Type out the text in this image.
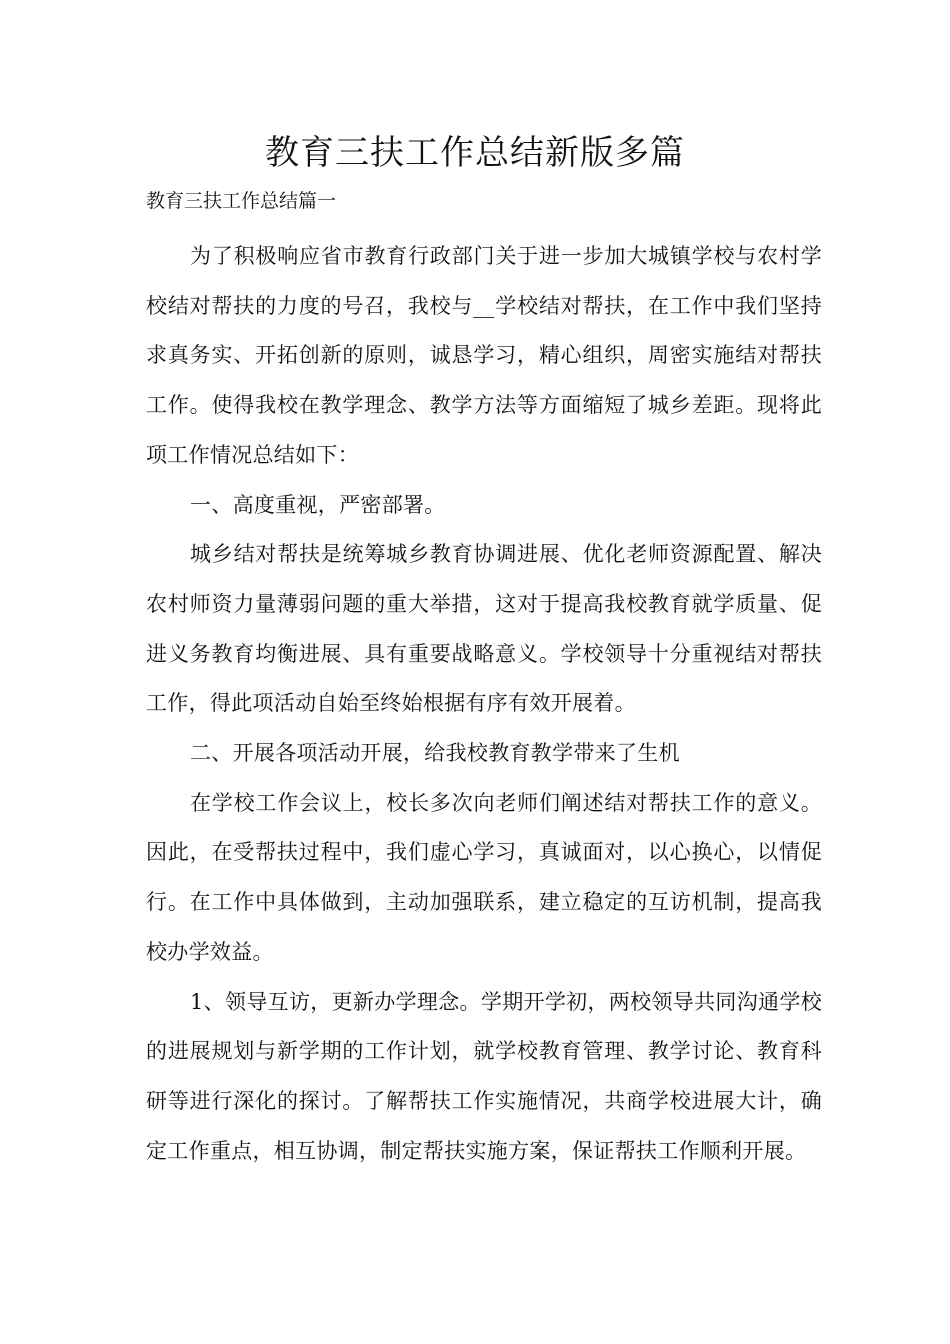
教育三扶工作总结新版多篇

教育三扶工作总结篇一

为了积极响应省市教育行政部门关于进一步加大城镇学校与农村学校结对帮扶的力度的号召，我校与__学校结对帮扶，在工作中我们坚持求真务实、开拓创新的原则，诚恳学习，精心组织，周密实施结对帮扶工作。使得我校在教学理念、教学方法等方面缩短了城乡差距。现将此项工作情况总结如下：

一、高度重视，严密部署。

城乡结对帮扶是统筹城乡教育协调进展、优化老师资源配置、解决农村师资力量薄弱问题的重大举措，这对于提高我校教育就学质量、促进义务教育均衡进展、具有重要战略意义。学校领导十分重视结对帮扶工作，得此项活动自始至终始根据有序有效开展着。

二、开展各项活动开展，给我校教育教学带来了生机

在学校工作会议上，校长多次向老师们阐述结对帮扶工作的意义。因此，在受帮扶过程中，我们虚心学习，真诚面对，以心换心，以情促行。在工作中具体做到，主动加强联系，建立稳定的互访机制，提高我校办学效益。

1、领导互访，更新办学理念。学期开学初，两校领导共同沟通学校的进展规划与新学期的工作计划，就学校教育管理、教学讨论、教育科研等进行深化的探讨。了解帮扶工作实施情况，共商学校进展大计，确定工作重点，相互协调，制定帮扶实施方案，保证帮扶工作顺利开展。
